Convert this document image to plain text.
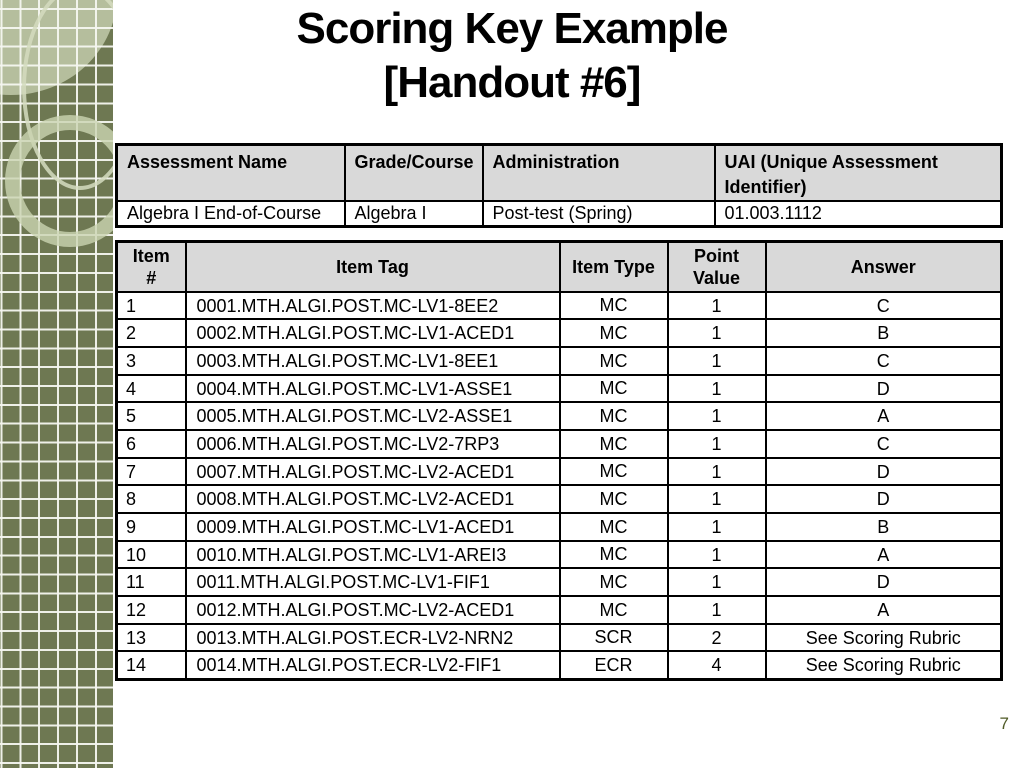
Scoring Key Example
[Handout #6]
Assessment Name	Grade/Course	Administration	UAI (Unique Assessment Identifier)
Algebra I End-of-Course	Algebra I	Post-test (Spring)	01.003.1112
Item #	Item Tag	Item Type	Point Value	Answer
1	0001.MTH.ALGI.POST.MC-LV1-8EE2	MC	1	C
2	0002.MTH.ALGI.POST.MC-LV1-ACED1	MC	1	B
3	0003.MTH.ALGI.POST.MC-LV1-8EE1	MC	1	C
4	0004.MTH.ALGI.POST.MC-LV1-ASSE1	MC	1	D
5	0005.MTH.ALGI.POST.MC-LV2-ASSE1	MC	1	A
6	0006.MTH.ALGI.POST.MC-LV2-7RP3	MC	1	C
7	0007.MTH.ALGI.POST.MC-LV2-ACED1	MC	1	D
8	0008.MTH.ALGI.POST.MC-LV2-ACED1	MC	1	D
9	0009.MTH.ALGI.POST.MC-LV1-ACED1	MC	1	B
10	0010.MTH.ALGI.POST.MC-LV1-AREI3	MC	1	A
11	0011.MTH.ALGI.POST.MC-LV1-FIF1	MC	1	D
12	0012.MTH.ALGI.POST.MC-LV2-ACED1	MC	1	A
13	0013.MTH.ALGI.POST.ECR-LV2-NRN2	SCR	2	See Scoring Rubric
14	0014.MTH.ALGI.POST.ECR-LV2-FIF1	ECR	4	See Scoring Rubric
7
